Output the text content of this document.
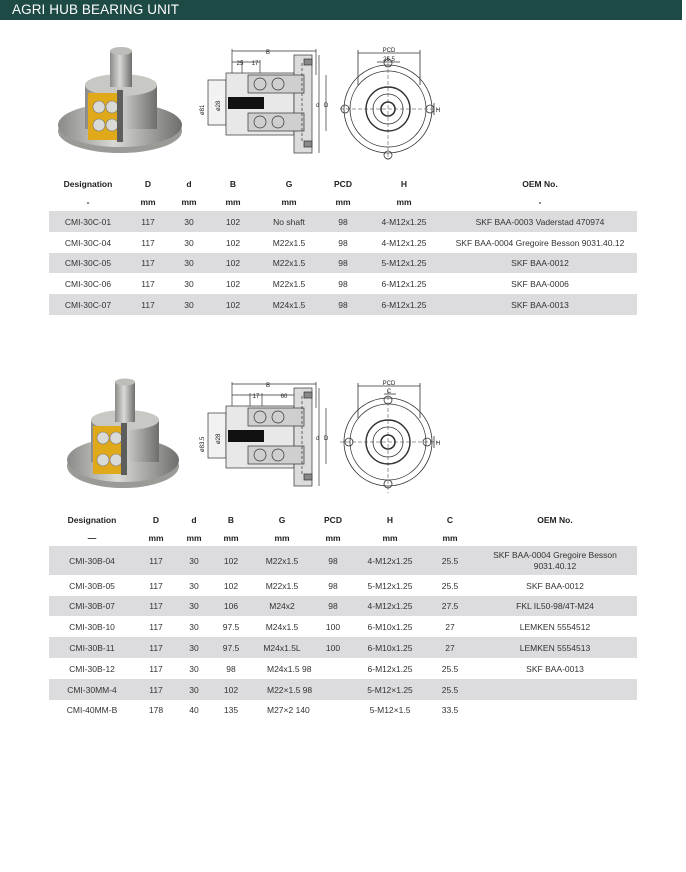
AGRI HUB BEARING UNIT
B
25 17
ø81 ø28	d D
PCD
25.5
H
Designation	D	d	B	G	PCD	H	OEM No.
-	mm	mm	mm	mm	mm	mm	-
CMI-30C-01	117	30	102	No shaft	98	4-M12x1.25	SKF BAA-0003 Vaderstad 470974
CMI-30C-04	117	30	102	M22x1.5	98	4-M12x1.25	SKF BAA-0004 Gregoire Besson 9031.40.12
CMI-30C-05	117	30	102	M22x1.5	98	5-M12x1.25	SKF BAA-0012
CMI-30C-06	117	30	102	M22x1.5	98	6-M12x1.25	SKF BAA-0006
CMI-30C-07	117	30	102	M24x1.5	98	6-M12x1.25	SKF BAA-0013
B
17	60
ø83.5 ø28	d D
PCD
C
H
Designation	D	d	B	G	PCD	H	C	OEM No.
—	mm	mm	mm	mm	mm	mm	mm	
CMI-30B-04	117	30	102	M22x1.5	98	4-M12x1.25	25.5	SKF BAA-0004 Gregoire Besson
9031.40.12
CMI-30B-05	117	30	102	M22x1.5	98	5-M12x1.25	25.5	SKF BAA-0012
CMI-30B-07	117	30	106	M24x2	98	4-M12x1.25	27.5	FKL IL50-98/4T-M24
CMI-30B-10	117	30	97.5	M24x1.5	100	6-M10x1.25	27	LEMKEN 5554512
CMI-30B-11	117	30	97.5	M24x1.5L	100	6-M10x1.25	27	LEMKEN 5554513
CMI-30B-12	117	30	98	M24x1.5 98		6-M12x1.25	25.5	SKF BAA-0013
CMI-30MM-4	117	30	102	M22×1.5 98		5-M12×1.25	25.5	
CMI-40MM-B	178	40	135	M27×2 140		5-M12×1.5	33.5	
